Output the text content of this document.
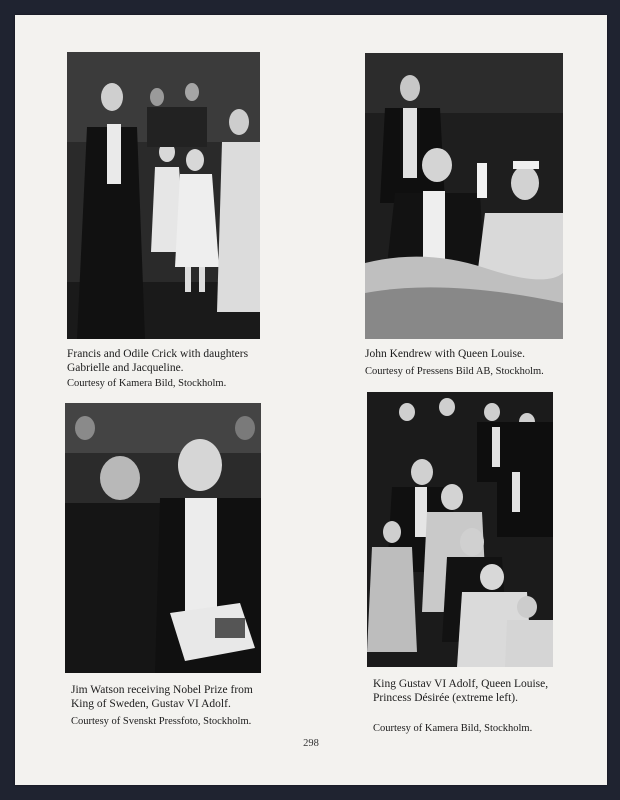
Francis and Odile Crick with daughters Gabrielle and Jacqueline.
Courtesy of Kamera Bild, Stockholm.
John Kendrew with Queen Louise.
Courtesy of Pressens Bild AB, Stockholm.
Jim Watson receiving Nobel Prize from King of Sweden, Gustav VI Adolf.
Courtesy of Svenskt Pressfoto, Stockholm.
King Gustav VI Adolf, Queen Louise, Princess Désirée (extreme left).
Courtesy of Kamera Bild, Stockholm.
298
